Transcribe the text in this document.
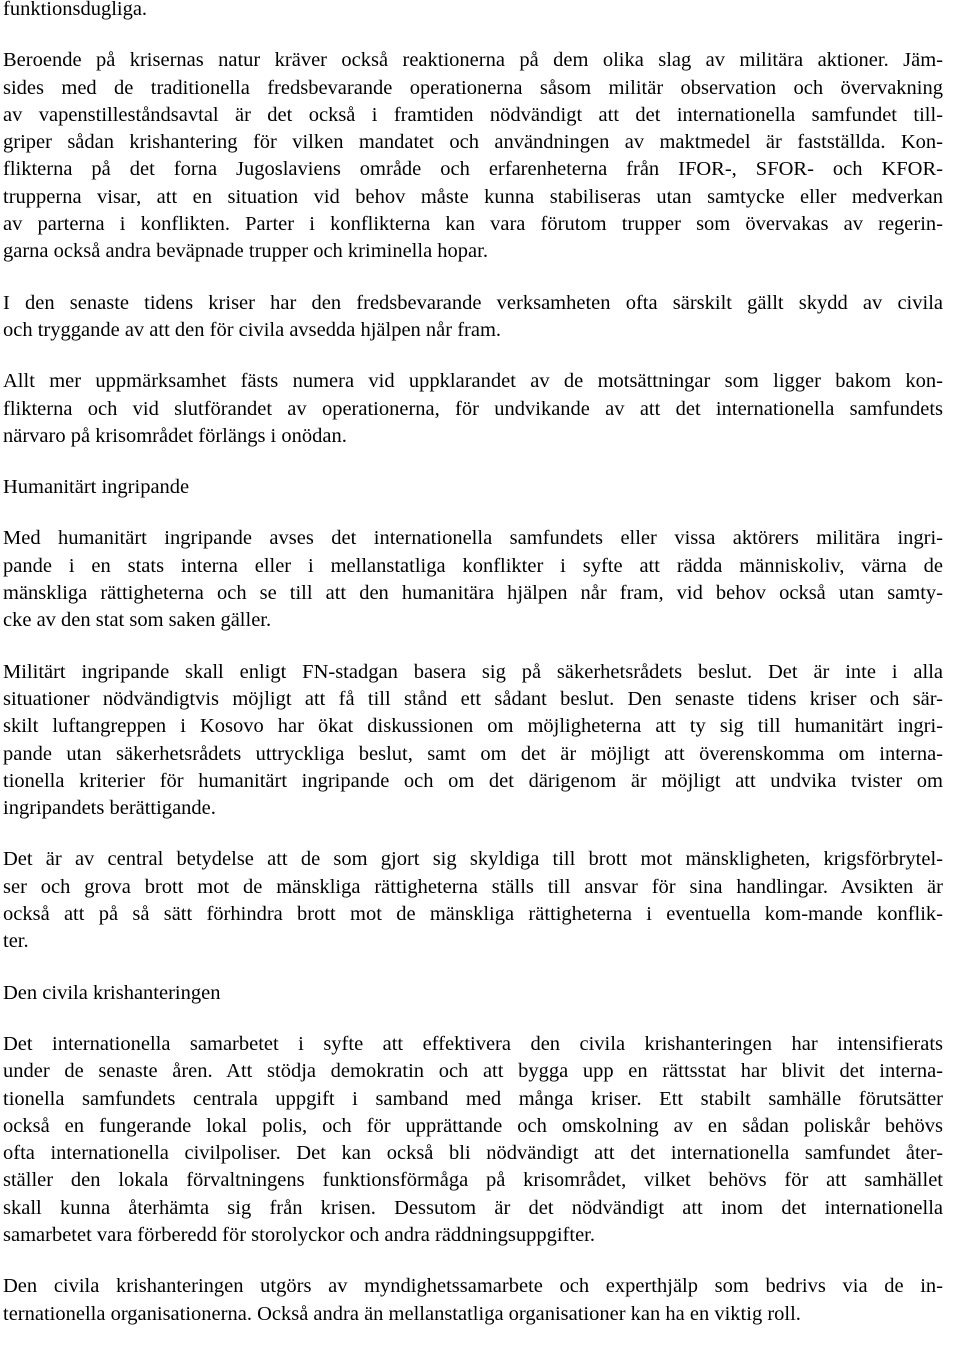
funktionsdugliga.
Beroende på krisernas natur kräver också reaktionerna på dem olika slag av militära aktioner. Jäm-
sides med de traditionella fredsbevarande operationerna såsom militär observation och övervakning
av vapenstilleståndsavtal är det också i framtiden nödvändigt att det internationella samfundet till-
griper sådan krishantering för vilken mandatet och användningen av maktmedel är fastställda. Kon-
flikterna på det forna Jugoslaviens område och erfarenheterna från IFOR-, SFOR- och KFOR-
trupperna visar, att en situation vid behov måste kunna stabiliseras utan samtycke eller medverkan
av parterna i konflikten. Parter i konflikterna kan vara förutom trupper som övervakas av regerin-
garna också andra beväpnade trupper och kriminella hopar.
I den senaste tidens kriser har den fredsbevarande verksamheten ofta särskilt gällt skydd av civila
och tryggande av att den för civila avsedda hjälpen når fram.
Allt mer uppmärksamhet fästs numera vid uppklarandet av de motsättningar som ligger bakom kon-
flikterna och vid slutförandet av operationerna, för undvikande av att det internationella samfundets
närvaro på krisområdet förlängs i onödan.
Humanitärt ingripande
Med humanitärt ingripande avses det internationella samfundets eller vissa aktörers militära ingri-
pande i en stats interna eller i mellanstatliga konflikter i syfte att rädda människoliv, värna de
mänskliga rättigheterna och se till att den humanitära hjälpen når fram, vid behov också utan samty-
cke av den stat som saken gäller.
Militärt ingripande skall enligt FN-stadgan basera sig på säkerhetsrådets beslut. Det är inte i alla
situationer nödvändigtvis möjligt att få till stånd ett sådant beslut. Den senaste tidens kriser och sär-
skilt luftangreppen i Kosovo har ökat diskussionen om möjligheterna att ty sig till humanitärt ingri-
pande utan säkerhetsrådets uttryckliga beslut, samt om det är möjligt att överenskomma om interna-
tionella kriterier för humanitärt ingripande och om det därigenom är möjligt att undvika tvister om
ingripandets berättigande.
Det är av central betydelse att de som gjort sig skyldiga till brott mot mänskligheten, krigsförbrytel-
ser och grova brott mot de mänskliga rättigheterna ställs till ansvar för sina handlingar. Avsikten är
också att på så sätt förhindra brott mot de mänskliga rättigheterna i eventuella kom-mande konflik-
ter.
Den civila krishanteringen
Det internationella samarbetet i syfte att effektivera den civila krishanteringen har intensifierats
under de senaste åren. Att stödja demokratin och att bygga upp en rättsstat har blivit det interna-
tionella samfundets centrala uppgift i samband med många kriser. Ett stabilt samhälle förutsätter
också en fungerande lokal polis, och för upprättande och omskolning av en sådan poliskår behövs
ofta internationella civilpoliser. Det kan också bli nödvändigt att det internationella samfundet åter-
ställer den lokala förvaltningens funktionsförmåga på krisområdet, vilket behövs för att samhället
skall kunna återhämta sig från krisen. Dessutom är det nödvändigt att inom det internationella
samarbetet vara förberedd för storolyckor och andra räddningsuppgifter.
Den civila krishanteringen utgörs av myndighetssamarbete och experthjälp som bedrivs via de in-
ternationella organisationerna. Också andra än mellanstatliga organisationer kan ha en viktig roll.
